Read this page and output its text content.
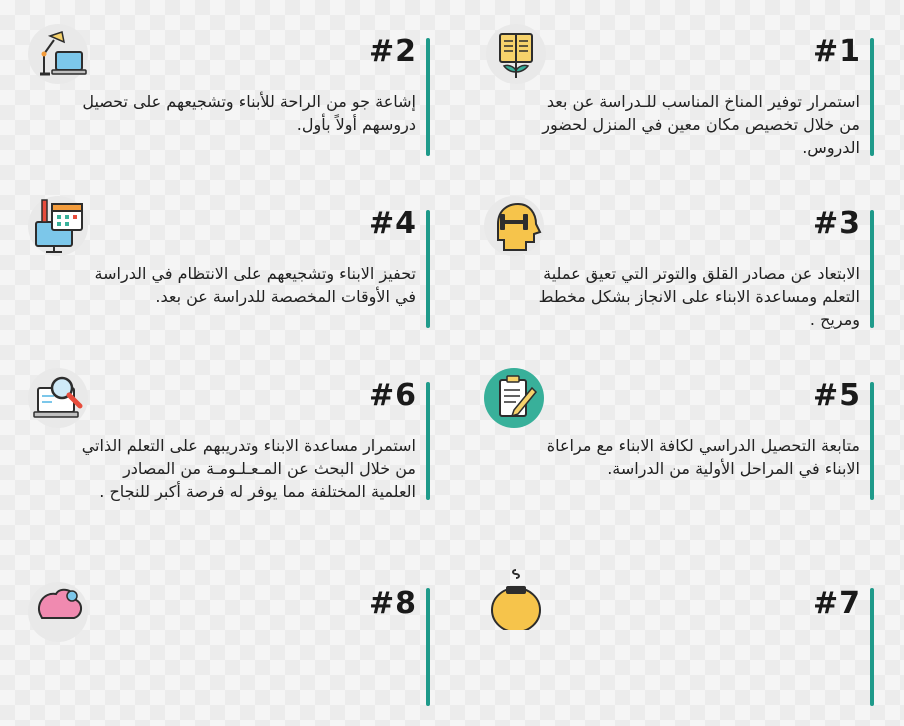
#1
استمرار توفير المناخ المناسب للـدراسة عن بعد من خلال تخصيص مكان معين في المنزل لحضور الدروس.
#2
إشاعة جو من الراحة للأبناء وتشجيعهم على تحصيل دروسهم أولاً بأول.
#3
الابتعاد عن مصادر القلق والتوتر التي تعيق عملية التعلم ومساعدة الابناء على الانجاز بشكل مخطط ومريح .
#4
تحفيز الابناء وتشجيعهم على الانتظام في الدراسة في الأوقات المخصصة للدراسة عن بعد.
#5
متابعة التحصيل الدراسي لكافة الابناء مع مراعاة الابناء في المراحل الأولية من الدراسة.
#6
استمرار مساعدة الابناء وتدريبهم على التعلم الذاتي من خلال البحث عن المـعـلـومـة من المصادر العلمية المختلفة مما يوفر له فرصة أكبر للنجاح .
#7
#8
